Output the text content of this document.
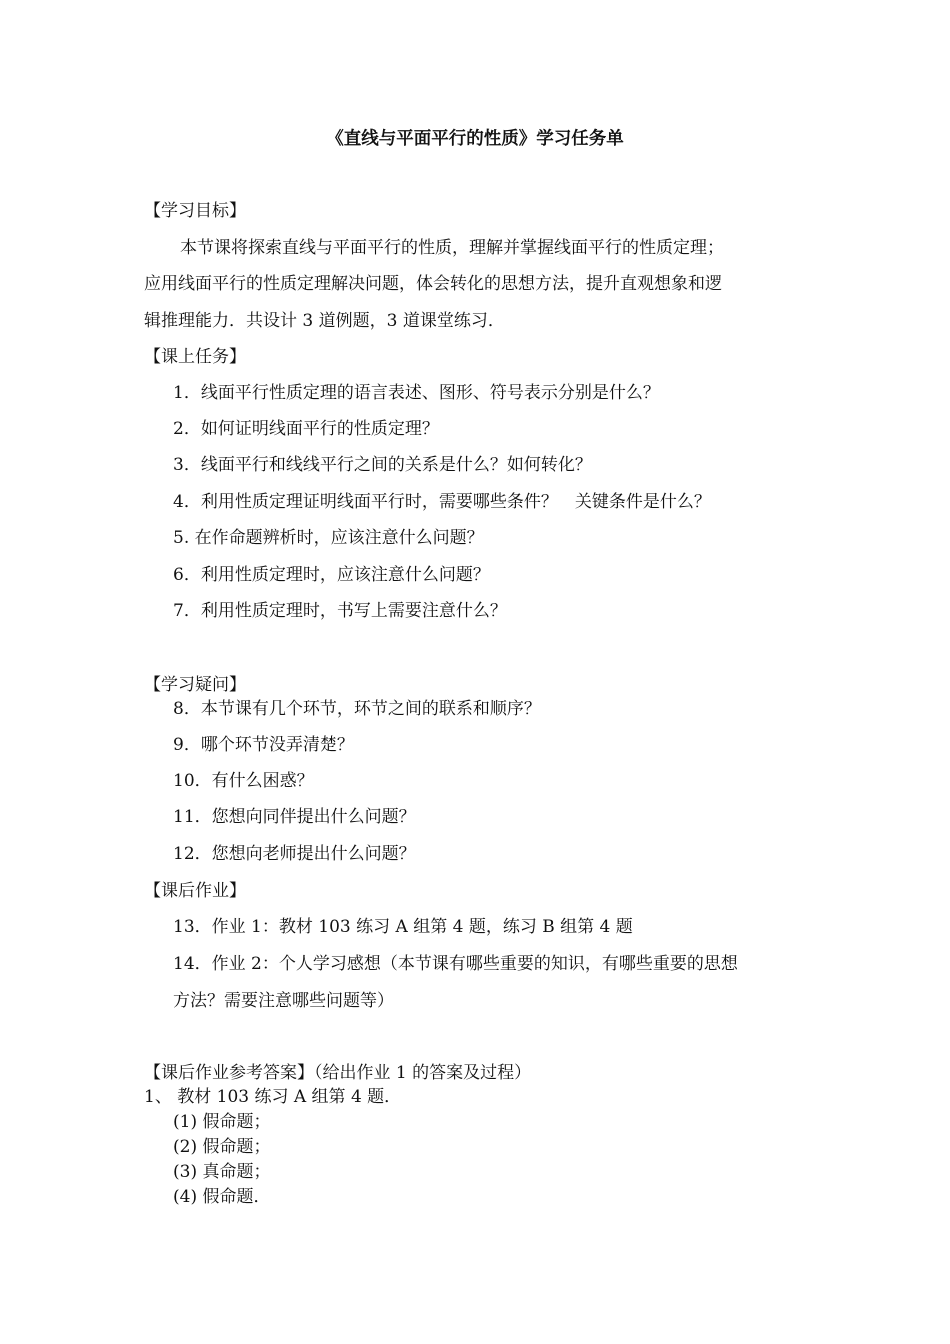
《直线与平面平行的性质》学习任务单
【学习目标】
本节课将探索直线与平面平行的性质，理解并掌握线面平行的性质定理；
应用线面平行的性质定理解决问题，体会转化的思想方法，提升直观想象和逻
辑推理能力．共设计 3 道例题，3 道课堂练习．
【课上任务】
1．线面平行性质定理的语言表述、图形、符号表示分别是什么？
2．如何证明线面平行的性质定理？
3．线面平行和线线平行之间的关系是什么？如何转化？
4．利用性质定理证明线面平行时，需要哪些条件？　关键条件是什么？
5. 在作命题辨析时，应该注意什么问题？
6．利用性质定理时，应该注意什么问题？
7．利用性质定理时，书写上需要注意什么？
【学习疑问】
8．本节课有几个环节，环节之间的联系和顺序？
9．哪个环节没弄清楚？
10．有什么困惑？
11．您想向同伴提出什么问题？
12．您想向老师提出什么问题？
【课后作业】
13．作业 1：教材 103 练习 A 组第 4 题，练习 B 组第 4 题
14．作业 2：个人学习感想（本节课有哪些重要的知识，有哪些重要的思想
方法？需要注意哪些问题等）
【课后作业参考答案】（给出作业 1 的答案及过程）
1、 教材 103 练习 A 组第 4 题．
(1) 假命题；
(2) 假命题；
(3) 真命题；
(4) 假命题．
